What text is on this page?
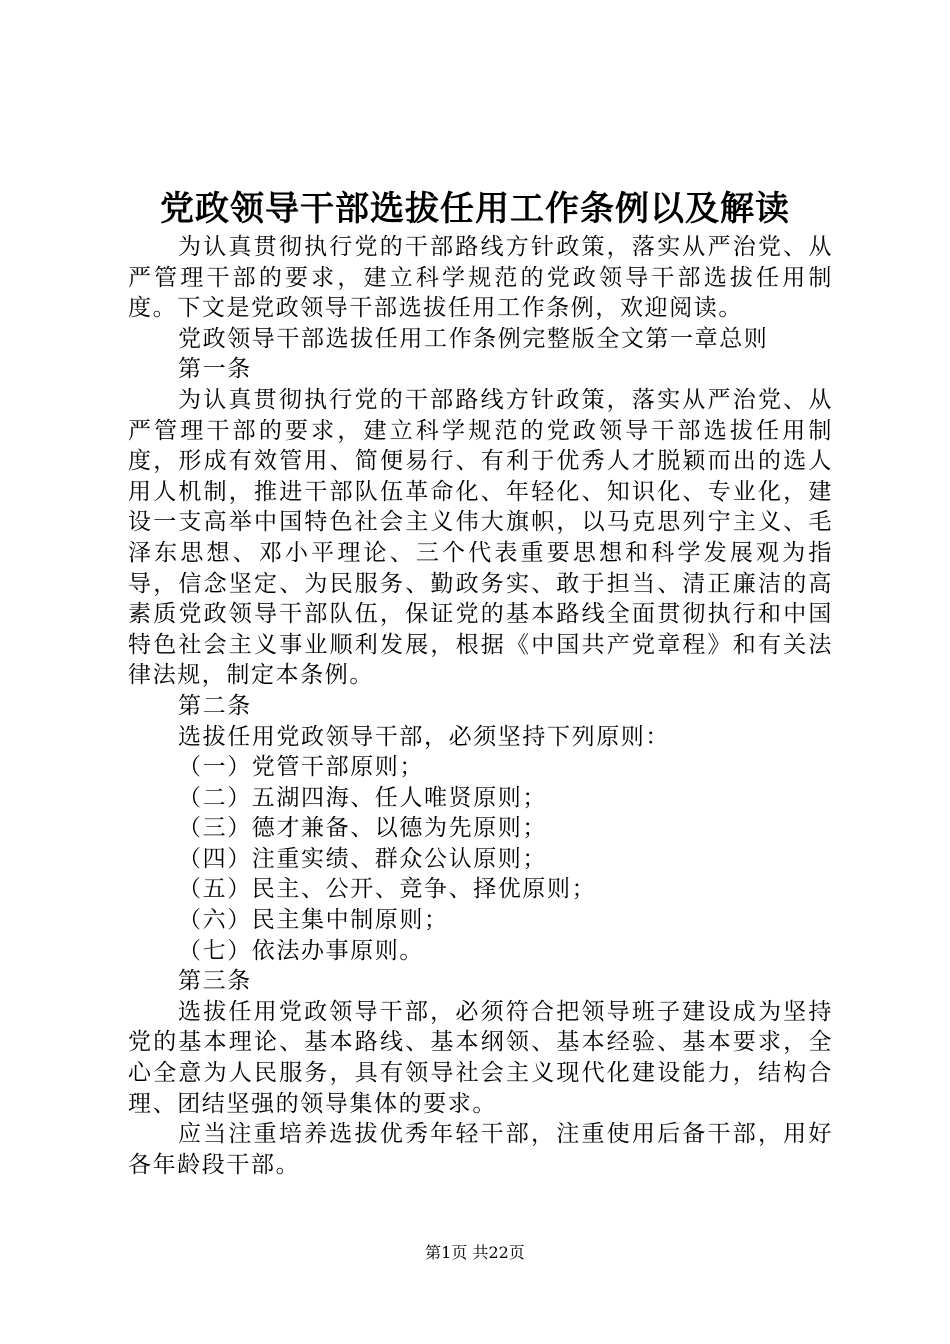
党政领导干部选拔任用工作条例以及解读

为认真贯彻执行党的干部路线方针政策，落实从严治党、从严管理干部的要求，建立科学规范的党政领导干部选拔任用制度。下文是党政领导干部选拔任用工作条例，欢迎阅读。

党政领导干部选拔任用工作条例完整版全文第一章总则

第一条

为认真贯彻执行党的干部路线方针政策，落实从严治党、从严管理干部的要求，建立科学规范的党政领导干部选拔任用制度，形成有效管用、简便易行、有利于优秀人才脱颖而出的选人用人机制，推进干部队伍革命化、年轻化、知识化、专业化，建设一支高举中国特色社会主义伟大旗帜，以马克思列宁主义、毛泽东思想、邓小平理论、三个代表重要思想和科学发展观为指导，信念坚定、为民服务、勤政务实、敢于担当、清正廉洁的高素质党政领导干部队伍，保证党的基本路线全面贯彻执行和中国特色社会主义事业顺利发展，根据《中国共产党章程》和有关法律法规，制定本条例。

第二条

选拔任用党政领导干部，必须坚持下列原则：

（一）党管干部原则；

（二）五湖四海、任人唯贤原则；

（三）德才兼备、以德为先原则；

（四）注重实绩、群众公认原则；

（五）民主、公开、竞争、择优原则；

（六）民主集中制原则；

（七）依法办事原则。

第三条

选拔任用党政领导干部，必须符合把领导班子建设成为坚持党的基本理论、基本路线、基本纲领、基本经验、基本要求，全心全意为人民服务，具有领导社会主义现代化建设能力，结构合理、团结坚强的领导集体的要求。

应当注重培养选拔优秀年轻干部，注重使用后备干部，用好各年龄段干部。

第1页 共22页
